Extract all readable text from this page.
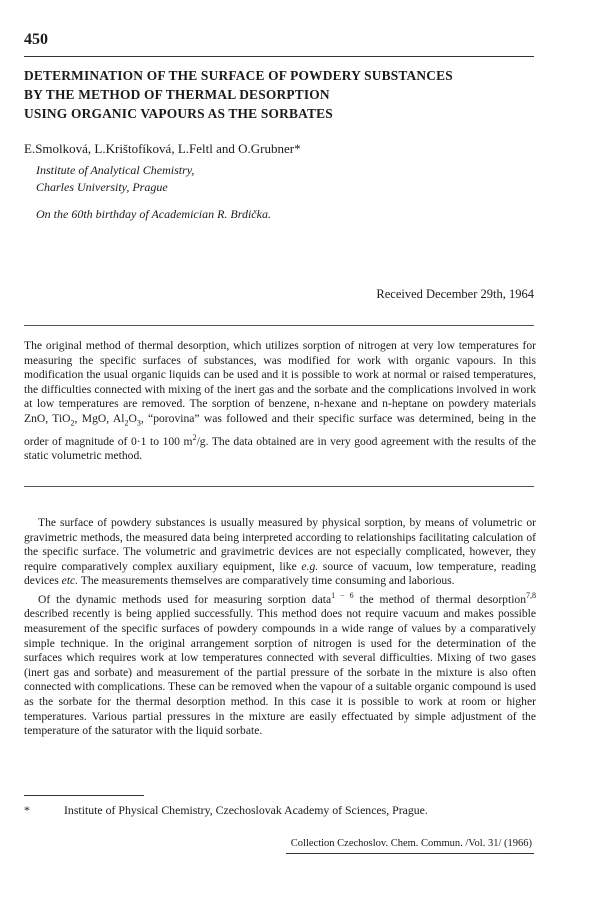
450
DETERMINATION OF THE SURFACE OF POWDERY SUBSTANCES
BY THE METHOD OF THERMAL DESORPTION
USING ORGANIC VAPOURS AS THE SORBATES
E.Smolková, L.Krištofíková, L.Feltl and O.Grubner*
Institute of Analytical Chemistry,
Charles University, Prague
On the 60th birthday of Academician R. Brdička.
Received December 29th, 1964

The original method of thermal desorption, which utilizes sorption of nitrogen at very low temperatures for measuring the specific surfaces of substances, was modified for work with organic vapours. In this modification the usual organic liquids can be used and it is possible to work at normal or raised temperatures, the difficulties connected with mixing of the inert gas and the sorbate and the complications involved in work at low temperatures are removed. The sorption of benzene, n-hexane and n-heptane on powdery materials ZnO, TiO$_2$, MgO, $Al_2O_3$, “porovina” was followed and their specific surface was determined, being in the order of magnitude of 0·1 to 100 $m^2/g$. The data obtained are in very good agreement with the results of the static volumetric method.

The surface of powdery substances is usually measured by physical sorption, by means of volumetric or gravimetric methods, the measured data being interpreted according to relationships facilitating calculation of the specific surface. The volumetric and gravimetric devices are not especially complicated, however, they require comparatively complex auxiliary equipment, like e.g. source of vacuum, low temperature, reading devices etc. The measurements themselves are comparatively time consuming and laborious.

Of the dynamic methods used for measuring sorption data$^{1 - 6}$ the method of thermal desorption$^{7,8}$ described recently is being applied successfully. This method does not require vacuum and makes possible measurement of the specific surfaces of powdery compounds in a wide range of values by a comparatively simple technique. In the original arrangement sorption of nitrogen is used for the determination of the surfaces which requires work at low temperatures connected with several difficulties. Mixing of two gases (inert gas and sorbate) and measurement of the partial pressure of the sorbate in the mixture is also often connected with complications. These can be removed when the vapour of a suitable organic compound is used as the sorbate for the thermal desorption method. In this case it is possible to work at room or higher temperatures. Various partial pressures in the mixture are easily effectuated by simple adjustment of the temperature of the saturator with the liquid sorbate.

*	Institute of Physical Chemistry, Czechoslovak Academy of Sciences, Prague.
Collection Czechoslov. Chem. Commun. /Vol. 31/ (1966)
